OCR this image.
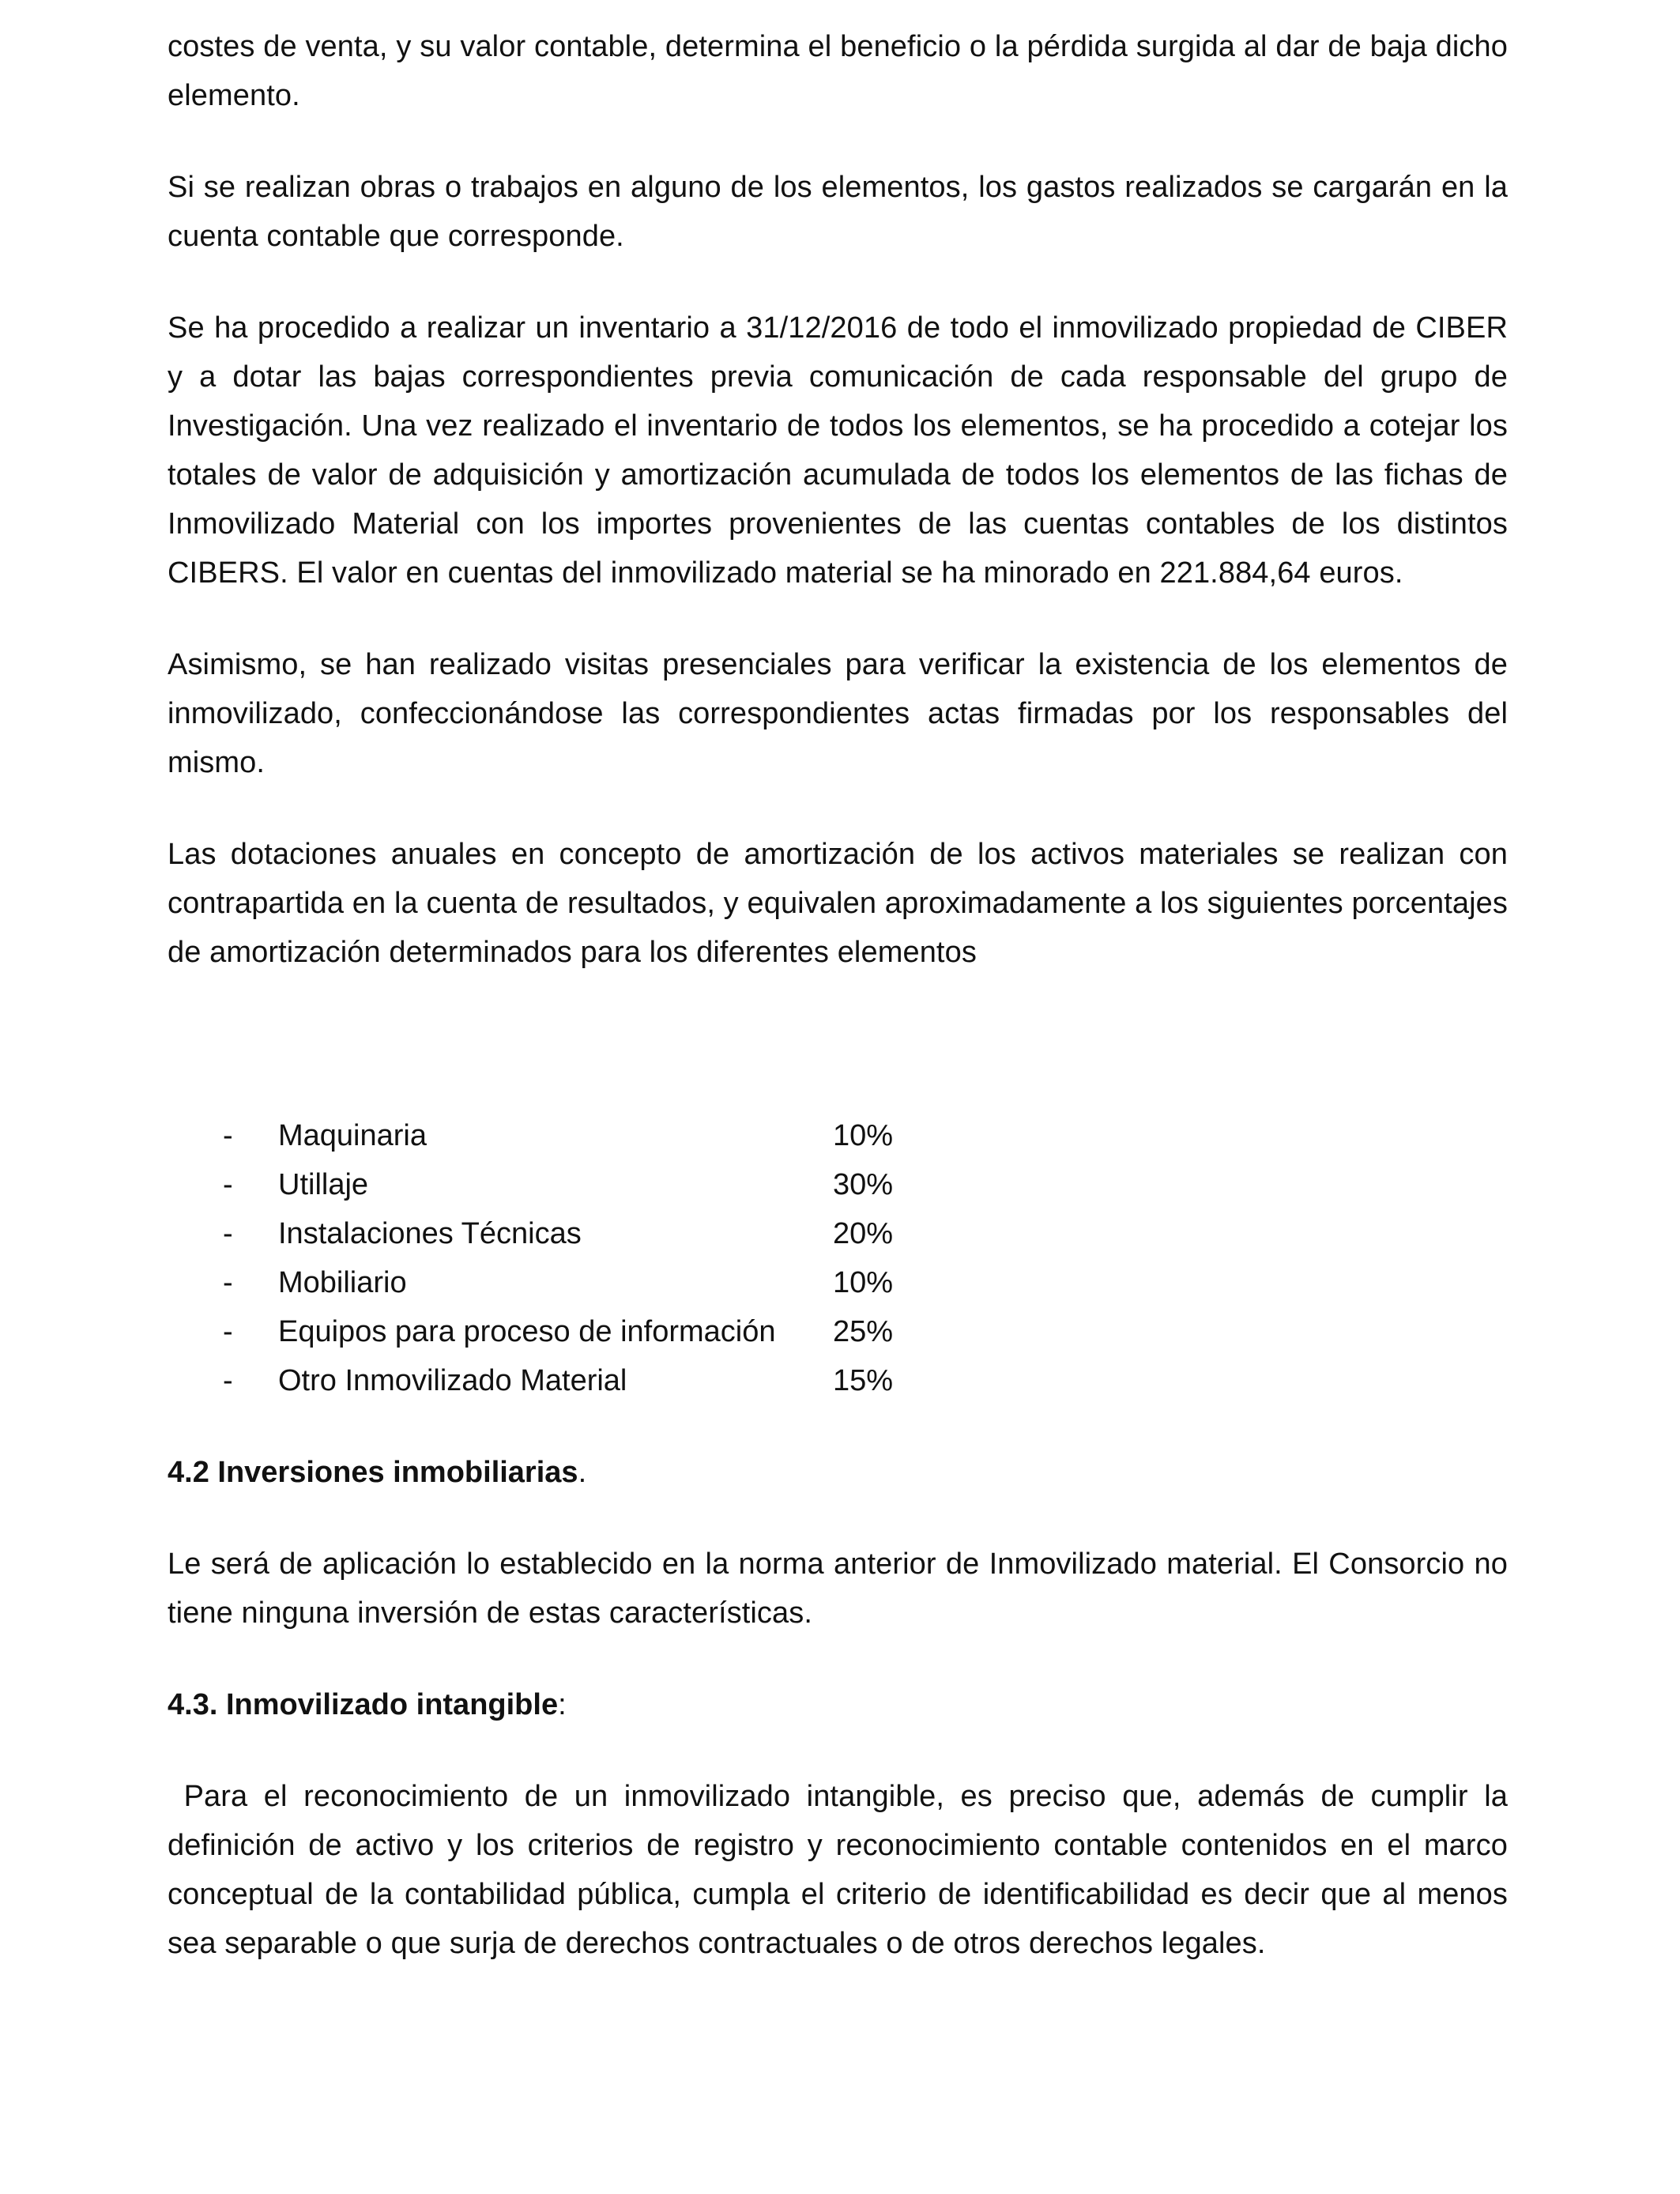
costes de venta, y su valor contable, determina el beneficio o la pérdida surgida al dar de baja dicho elemento.

Si se realizan obras o trabajos en alguno de los elementos, los gastos realizados se cargarán en la cuenta contable que corresponde.

Se ha procedido a realizar un inventario a 31/12/2016 de todo el inmovilizado propiedad de CIBER y a dotar las bajas correspondientes previa comunicación de cada responsable del grupo de Investigación. Una vez realizado el inventario de todos los elementos, se ha procedido a cotejar los totales de valor de adquisición y amortización acumulada de todos los elementos de las fichas de Inmovilizado Material con los importes provenientes de las cuentas contables de los distintos CIBERS. El valor en cuentas del inmovilizado material se ha minorado en 221.884,64 euros.

Asimismo, se han realizado visitas presenciales para verificar la existencia de los elementos de inmovilizado, confeccionándose las correspondientes actas firmadas por los responsables del mismo.

Las dotaciones anuales en concepto de amortización de los activos materiales se realizan con contrapartida en la cuenta de resultados, y equivalen aproximadamente a los siguientes porcentajes de amortización determinados para los diferentes elementos

-	Maquinaria	10%
-	Utillaje	30%
-	Instalaciones Técnicas	20%
-	Mobiliario	10%
-	Equipos para proceso de información	25%
-	Otro Inmovilizado Material	15%

4.2 Inversiones inmobiliarias.

Le será de aplicación lo establecido en la norma anterior de Inmovilizado material. El Consorcio no tiene ninguna inversión de estas características.

4.3. Inmovilizado intangible:

Para el reconocimiento de un inmovilizado intangible, es preciso que, además de cumplir la definición de activo y los criterios de registro y reconocimiento contable contenidos en el marco conceptual de la contabilidad pública, cumpla el criterio de identificabilidad es decir que al menos sea separable o que surja de derechos contractuales o de otros derechos legales.
